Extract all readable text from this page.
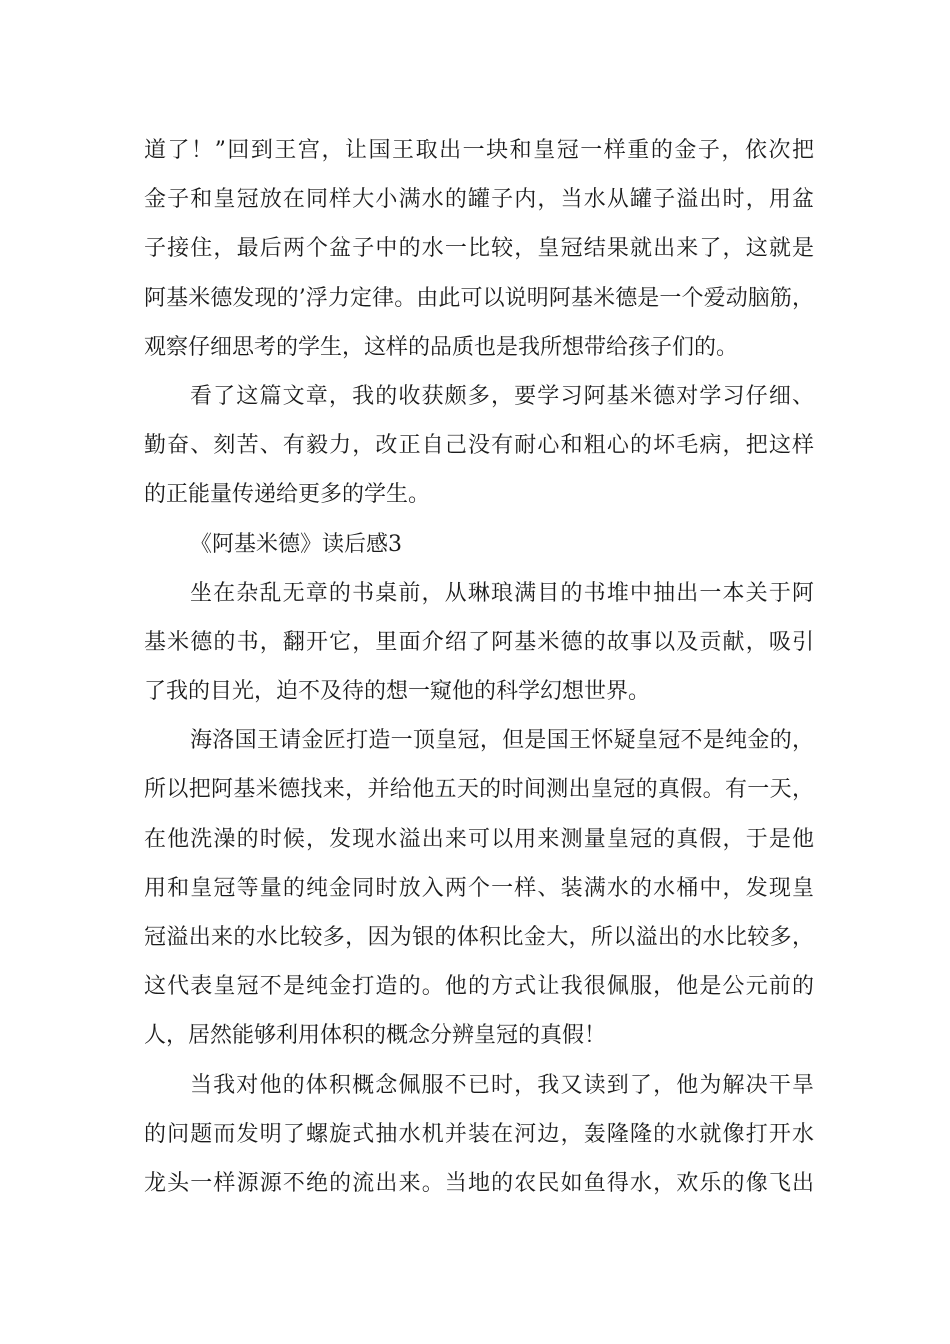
道了！”回到王宫，让国王取出一块和皇冠一样重的金子，依次把
金子和皇冠放在同样大小满水的罐子内，当水从罐子溢出时，用盆
子接住，最后两个盆子中的水一比较，皇冠结果就出来了，这就是
阿基米德发现的’浮力定律。由此可以说明阿基米德是一个爱动脑筋，
观察仔细思考的学生，这样的品质也是我所想带给孩子们的。
看了这篇文章，我的收获颇多，要学习阿基米德对学习仔细、
勤奋、刻苦、有毅力，改正自己没有耐心和粗心的坏毛病，把这样
的正能量传递给更多的学生。
《阿基米德》读后感3
坐在杂乱无章的书桌前，从琳琅满目的书堆中抽出一本关于阿
基米德的书，翻开它，里面介绍了阿基米德的故事以及贡献，吸引
了我的目光，迫不及待的想一窥他的科学幻想世界。
海洛国王请金匠打造一顶皇冠，但是国王怀疑皇冠不是纯金的，
所以把阿基米德找来，并给他五天的时间测出皇冠的真假。有一天，
在他洗澡的时候，发现水溢出来可以用来测量皇冠的真假，于是他
用和皇冠等量的纯金同时放入两个一样、装满水的水桶中，发现皇
冠溢出来的水比较多，因为银的体积比金大，所以溢出的水比较多，
这代表皇冠不是纯金打造的。他的方式让我很佩服，他是公元前的
人，居然能够利用体积的概念分辨皇冠的真假！
当我对他的体积概念佩服不已时，我又读到了，他为解决干旱
的问题而发明了螺旋式抽水机并装在河边，轰隆隆的水就像打开水
龙头一样源源不绝的流出来。当地的农民如鱼得水，欢乐的像飞出
